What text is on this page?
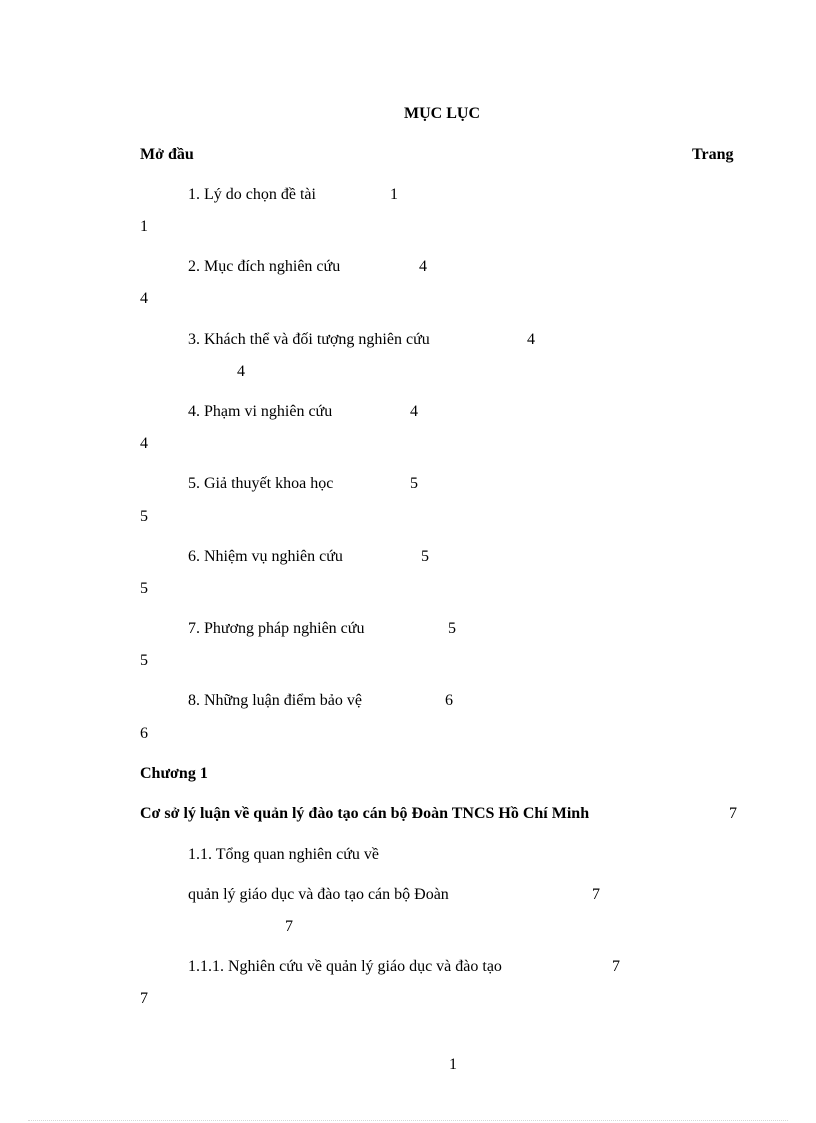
MỤC LỤC
Mở đầu	Trang
1. Lý do chọn đề tài	1
1
2. Mục đích nghiên cứu	4
4
3. Khách thể và đối tượng nghiên cứu	4
4
4. Phạm vi nghiên cứu	4
4
5. Giả thuyết khoa học	5
5
6. Nhiệm vụ nghiên cứu	5
5
7. Phương pháp nghiên cứu	5
5
8. Những luận điểm bảo vệ	6
6
Chương 1
Cơ sở lý luận về quản lý đào tạo cán bộ Đoàn TNCS Hồ Chí Minh	7
1.1. Tổng quan nghiên cứu về
quản lý giáo dục và đào tạo cán bộ Đoàn	7
7
1.1.1. Nghiên cứu về quản lý giáo dục và đào tạo	7
7
1
